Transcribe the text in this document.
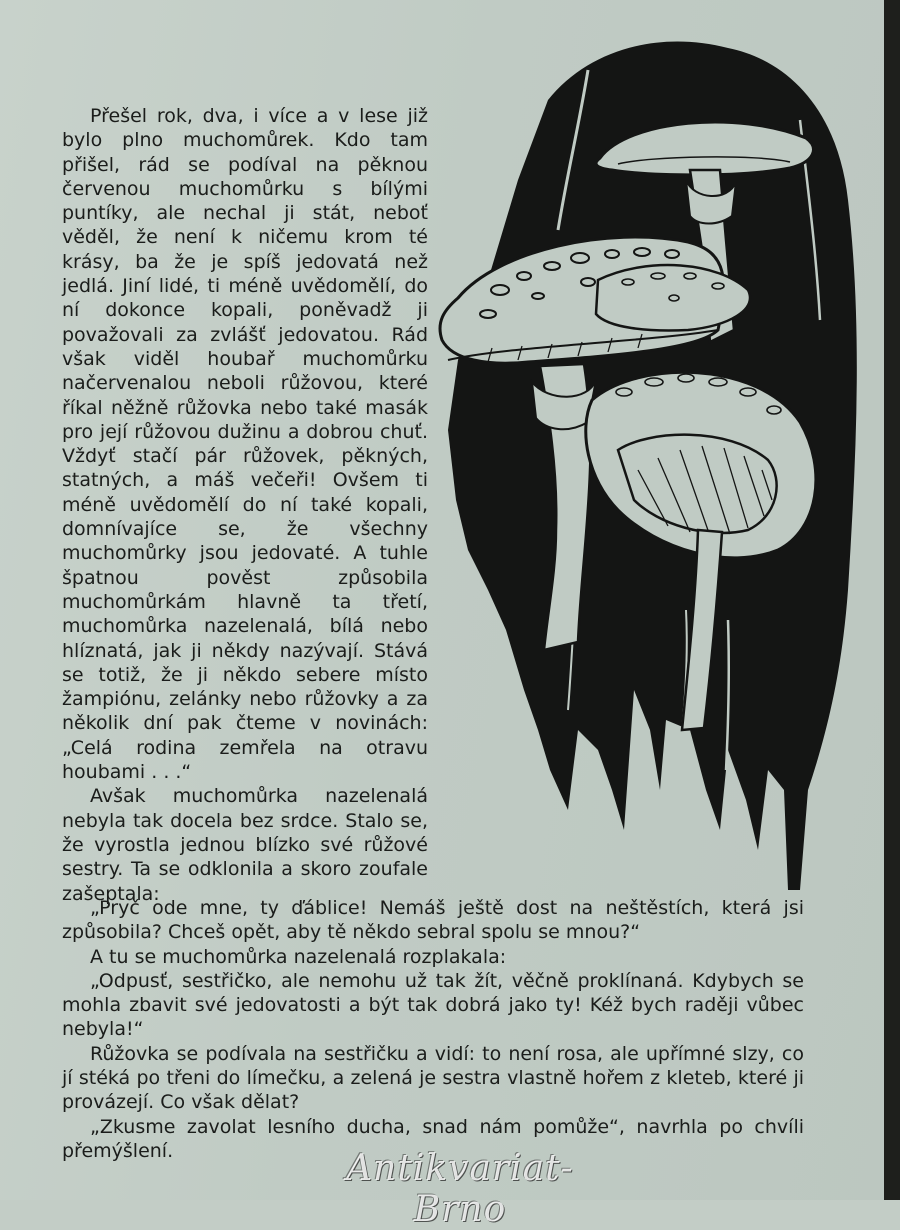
Přešel rok, dva, i více a v lese již bylo plno muchomůrek. Kdo tam přišel, rád se podíval na pěknou červenou muchomůrku s bílými puntíky, ale nechal ji stát, neboť věděl, že není k ničemu krom té krásy, ba že je spíš jedovatá než jedlá. Jiní lidé, ti méně uvědomělí, do ní dokonce kopali, poněvadž ji považovali za zvlášť jedovatou. Rád však viděl houbař muchomůrku načervenalou neboli růžovou, které říkal něžně růžovka nebo také masák pro její růžovou dužinu a dobrou chuť. Vždyť stačí pár růžovek, pěkných, statných, a máš večeři! Ovšem ti méně uvědomělí do ní také kopali, domnívajíce se, že všechny muchomůrky jsou jedovaté. A tuhle špatnou pověst způsobila muchomůrkám hlavně ta třetí, muchomůrka nazelenalá, bílá nebo hlíznatá, jak ji někdy nazývají. Stává se totiž, že ji někdo sebere místo žampiónu, zelánky nebo růžovky a za několik dní pak čteme v novinách: „Celá rodina zemřela na otravu houbami . . .“

Avšak muchomůrka nazelenalá nebyla tak docela bez srdce. Stalo se, že vyrostla jednou blízko své růžové sestry. Ta se odklonila a skoro zoufale zašeptala:

„Pryč ode mne, ty ďáblice! Nemáš ještě dost na neštěstích, která jsi způsobila? Chceš opět, aby tě někdo sebral spolu se mnou?“

A tu se muchomůrka nazelenalá rozplakala:

„Odpusť, sestřičko, ale nemohu už tak žít, věčně proklínaná. Kdybych se mohla zbavit své jedovatosti a být tak dobrá jako ty! Kéž bych raději vůbec nebyla!“

Růžovka se podívala na sestřičku a vidí: to není rosa, ale upřímné slzy, co jí stéká po třeni do límečku, a zelená je sestra vlastně hořem z kleteb, které ji provázejí. Co však dělat?

„Zkusme zavolat lesního ducha, snad nám pomůže“, navrhla po chvíli přemýšlení.	Antikvariat-Brno
